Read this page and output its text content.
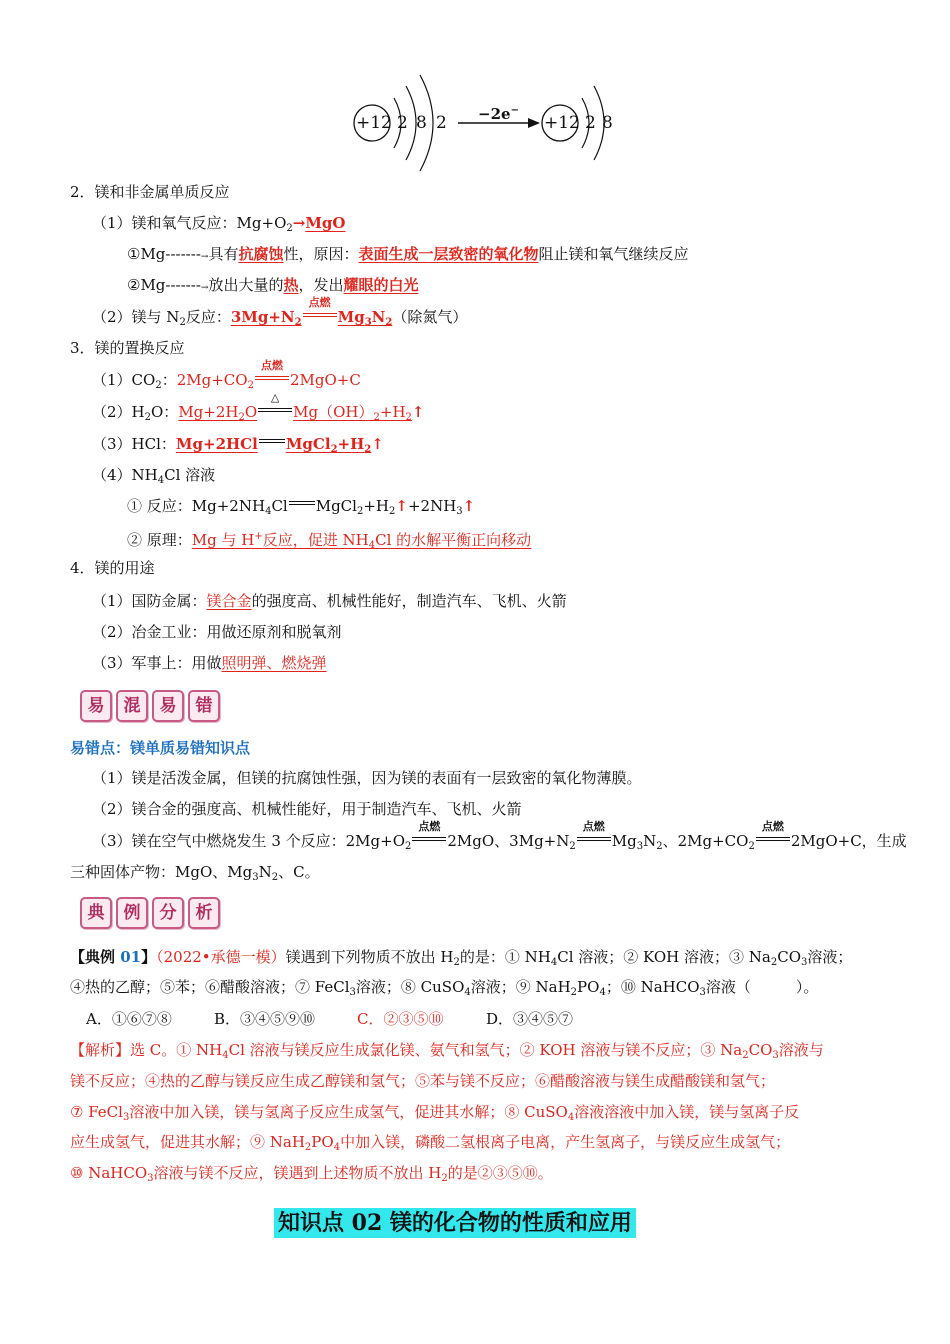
+12 2 8 2 −2e−
+12 2 8
2．镁和非金属单质反应
（1）镁和氧气反应：$Mg+O_2\to MgO$
①Mg-------→具有抗腐蚀性，原因：表面生成一层致密的氧化物阻止镁和氧气继续反应
②Mg-------→放出大量的热，发出耀眼的白光
（2）镁与 $N_2$反应：$3Mg+N_2$
点燃
$Mg_3N_2$（除氮气）
3．镁的置换反应
$(1)CO_2$：$2Mg+CO_2$
点燃
2MgO+C
$(2)H_2O$：$Mg+2H_2O$
△
$Mg(OH)_2+H_2↑$
（3）HCl：Mg+2HCl $MgCl_2+H_2↑$
$(4)NH_4Cl$ 溶液
① 反应：$Mg+2NH_4Cl$ $MgCl_2+H_2↑+2NH_3↑$
② 原理：Mg 与 H+反应，促进 $NH_4Cl$ 的水解平衡正向移动
4．镁的用途
（1）国防金属：镁合金的强度高、机械性能好，制造汽车、飞机、火箭
（2）冶金工业：用做还原剂和脱氧剂
（3）军事上：用做照明弹、燃烧弹
易	混	易	错
易错点：镁单质易错知识点
（1）镁是活泼金属，但镁的抗腐蚀性强，因为镁的表面有一层致密的氧化物薄膜。
（2）镁合金的强度高、机械性能好，用于制造汽车、飞机、火箭
（3）镁在空气中燃烧发生 3 个反应：$2Mg+O_2$
点燃
2MgO、$3Mg+N_2$
点燃
$Mg_3N_2$、$2Mg+CO_2$
点燃
2MgO+C，生成
三种固体产物：MgO、$Mg_3N_2$、C。
典	例	分	析
【典例 01】（2022•承德一模）镁遇到下列物质不放出 $H_2$的是：① $NH_4Cl$ 溶液；② KOH 溶液；③ $Na_2CO_3$溶液；
④热的乙醇；⑤苯；⑥醋酸溶液；⑦ FeCl$_3$溶液；⑧ CuSO$_4$溶液；⑨ $NaH_2PO_4$；⑩ NaHCO$_3$溶液（　　　）。
A．①⑥⑦⑧	B．③④⑤⑨⑩	C．②③⑤⑩	D．③④⑤⑦
【解析】选 C。① $NH_4Cl$ 溶液与镁反应生成氯化镁、氨气和氢气；② KOH 溶液与镁不反应；③ $Na_2CO_3$溶液与
镁不反应；④热的乙醇与镁反应生成乙醇镁和氢气；⑤苯与镁不反应；⑥醋酸溶液与镁生成醋酸镁和氢气；
⑦ FeCl$_3$溶液中加入镁，镁与氢离子反应生成氢气，促进其水解；⑧ CuSO$_4$溶液溶液中加入镁，镁与氢离子反
应生成氢气，促进其水解；⑨ $NaH_2PO_4$中加入镁，磷酸二氢根离子电离，产生氢离子，与镁反应生成氢气；
⑩ NaHCO$_3$溶液与镁不反应，镁遇到上述物质不放出 $H_2$的是②③⑤⑩。
知识点 02 镁的化合物的性质和应用
